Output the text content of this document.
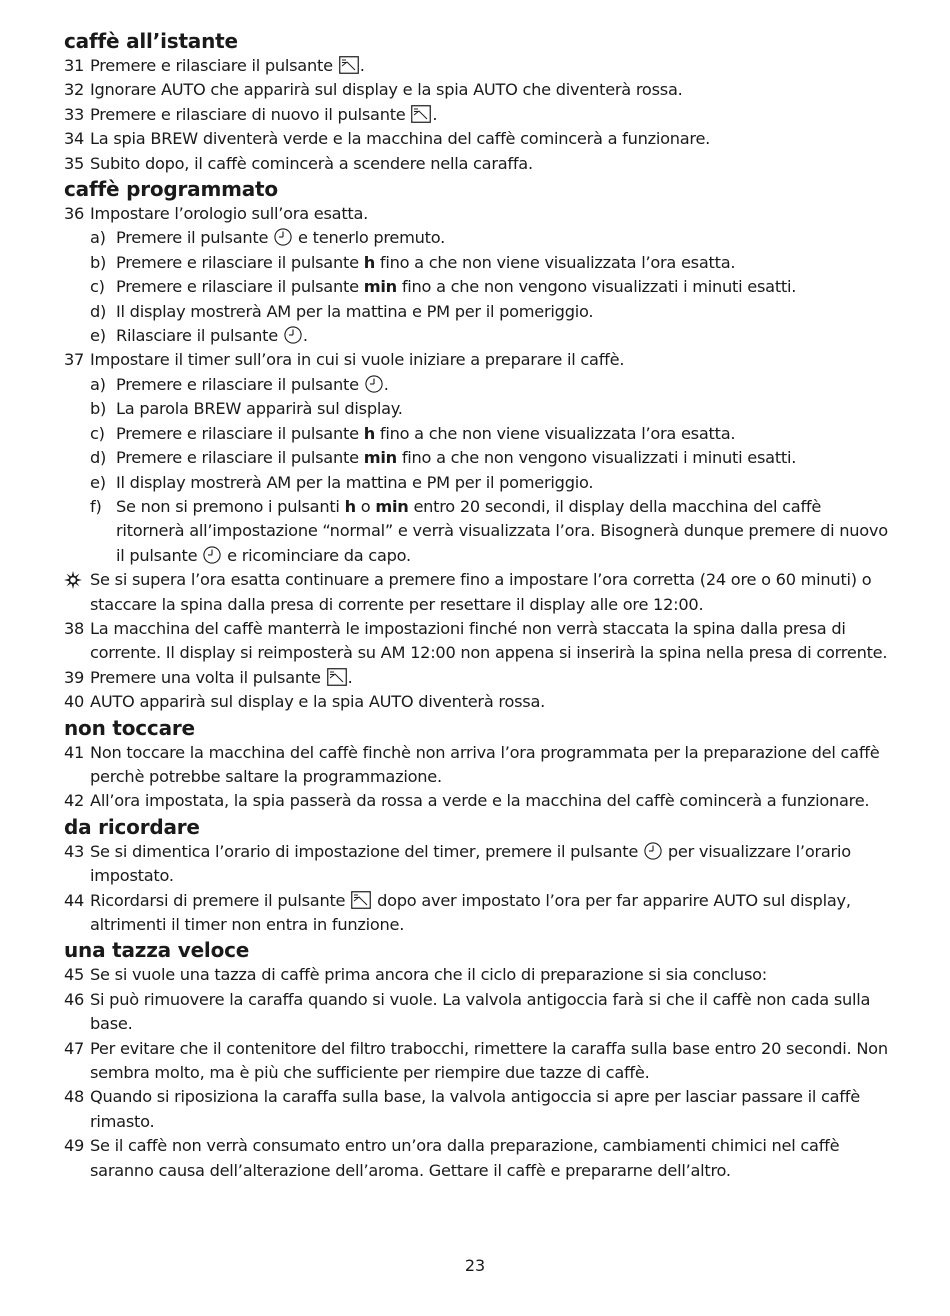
caffè all’istante
31 Premere e rilasciare il pulsante .
32 Ignorare AUTO che apparirà sul display e la spia AUTO che diventerà rossa.
33 Premere e rilasciare di nuovo il pulsante .
34 La spia BREW diventerà verde e la macchina del caffè comincerà a funzionare.
35 Subito dopo, il caffè comincerà a scendere nella caraffa.
caffè programmato
36 Impostare l’orologio sull’ora esatta.
a) Premere il pulsante e tenerlo premuto.
b) Premere e rilasciare il pulsante h fino a che non viene visualizzata l’ora esatta.
c) Premere e rilasciare il pulsante min fino a che non vengono visualizzati i minuti esatti.
d) Il display mostrerà AM per la mattina e PM per il pomeriggio.
e) Rilasciare il pulsante .
37 Impostare il timer sull’ora in cui si vuole iniziare a preparare il caffè.
a) Premere e rilasciare il pulsante .
b) La parola BREW apparirà sul display.
c) Premere e rilasciare il pulsante h fino a che non viene visualizzata l’ora esatta.
d) Premere e rilasciare il pulsante min fino a che non vengono visualizzati i minuti esatti.
e) Il display mostrerà AM per la mattina e PM per il pomeriggio.
f) Se non si premono i pulsanti h o min entro 20 secondi, il display della macchina del caffè ritornerà all’impostazione “normal” e verrà visualizzata l’ora. Bisognerà dunque premere di nuovo il pulsante e ricominciare da capo.
Se si supera l’ora esatta continuare a premere fino a impostare l’ora corretta (24 ore o 60 minuti) o staccare la spina dalla presa di corrente per resettare il display alle ore 12:00.
38 La macchina del caffè manterrà le impostazioni finché non verrà staccata la spina dalla presa di corrente. Il display si reimposterà su AM 12:00 non appena si inserirà la spina nella presa di corrente.
39 Premere una volta il pulsante .
40 AUTO apparirà sul display e la spia AUTO diventerà rossa.
non toccare
41 Non toccare la macchina del caffè finchè non arriva l’ora programmata per la preparazione del caffè perchè potrebbe saltare la programmazione.
42 All’ora impostata, la spia passerà da rossa a verde e la macchina del caffè comincerà a funzionare.
da ricordare
43 Se si dimentica l’orario di impostazione del timer, premere il pulsante per visualizzare l’orario impostato.
44 Ricordarsi di premere il pulsante dopo aver impostato l’ora per far apparire AUTO sul display, altrimenti il timer non entra in funzione.
una tazza veloce
45 Se si vuole una tazza di caffè prima ancora che il ciclo di preparazione si sia concluso:
46 Si può rimuovere la caraffa quando si vuole. La valvola antigoccia farà si che il caffè non cada sulla base.
47 Per evitare che il contenitore del filtro trabocchi, rimettere la caraffa sulla base entro 20 secondi. Non sembra molto, ma è più che sufficiente per riempire due tazze di caffè.
48 Quando si riposiziona la caraffa sulla base, la valvola antigoccia si apre per lasciar passare il caffè rimasto.
49 Se il caffè non verrà consumato entro un’ora dalla preparazione, cambiamenti chimici nel caffè saranno causa dell’alterazione dell’aroma. Gettare il caffè e prepararne dell’altro.
23
